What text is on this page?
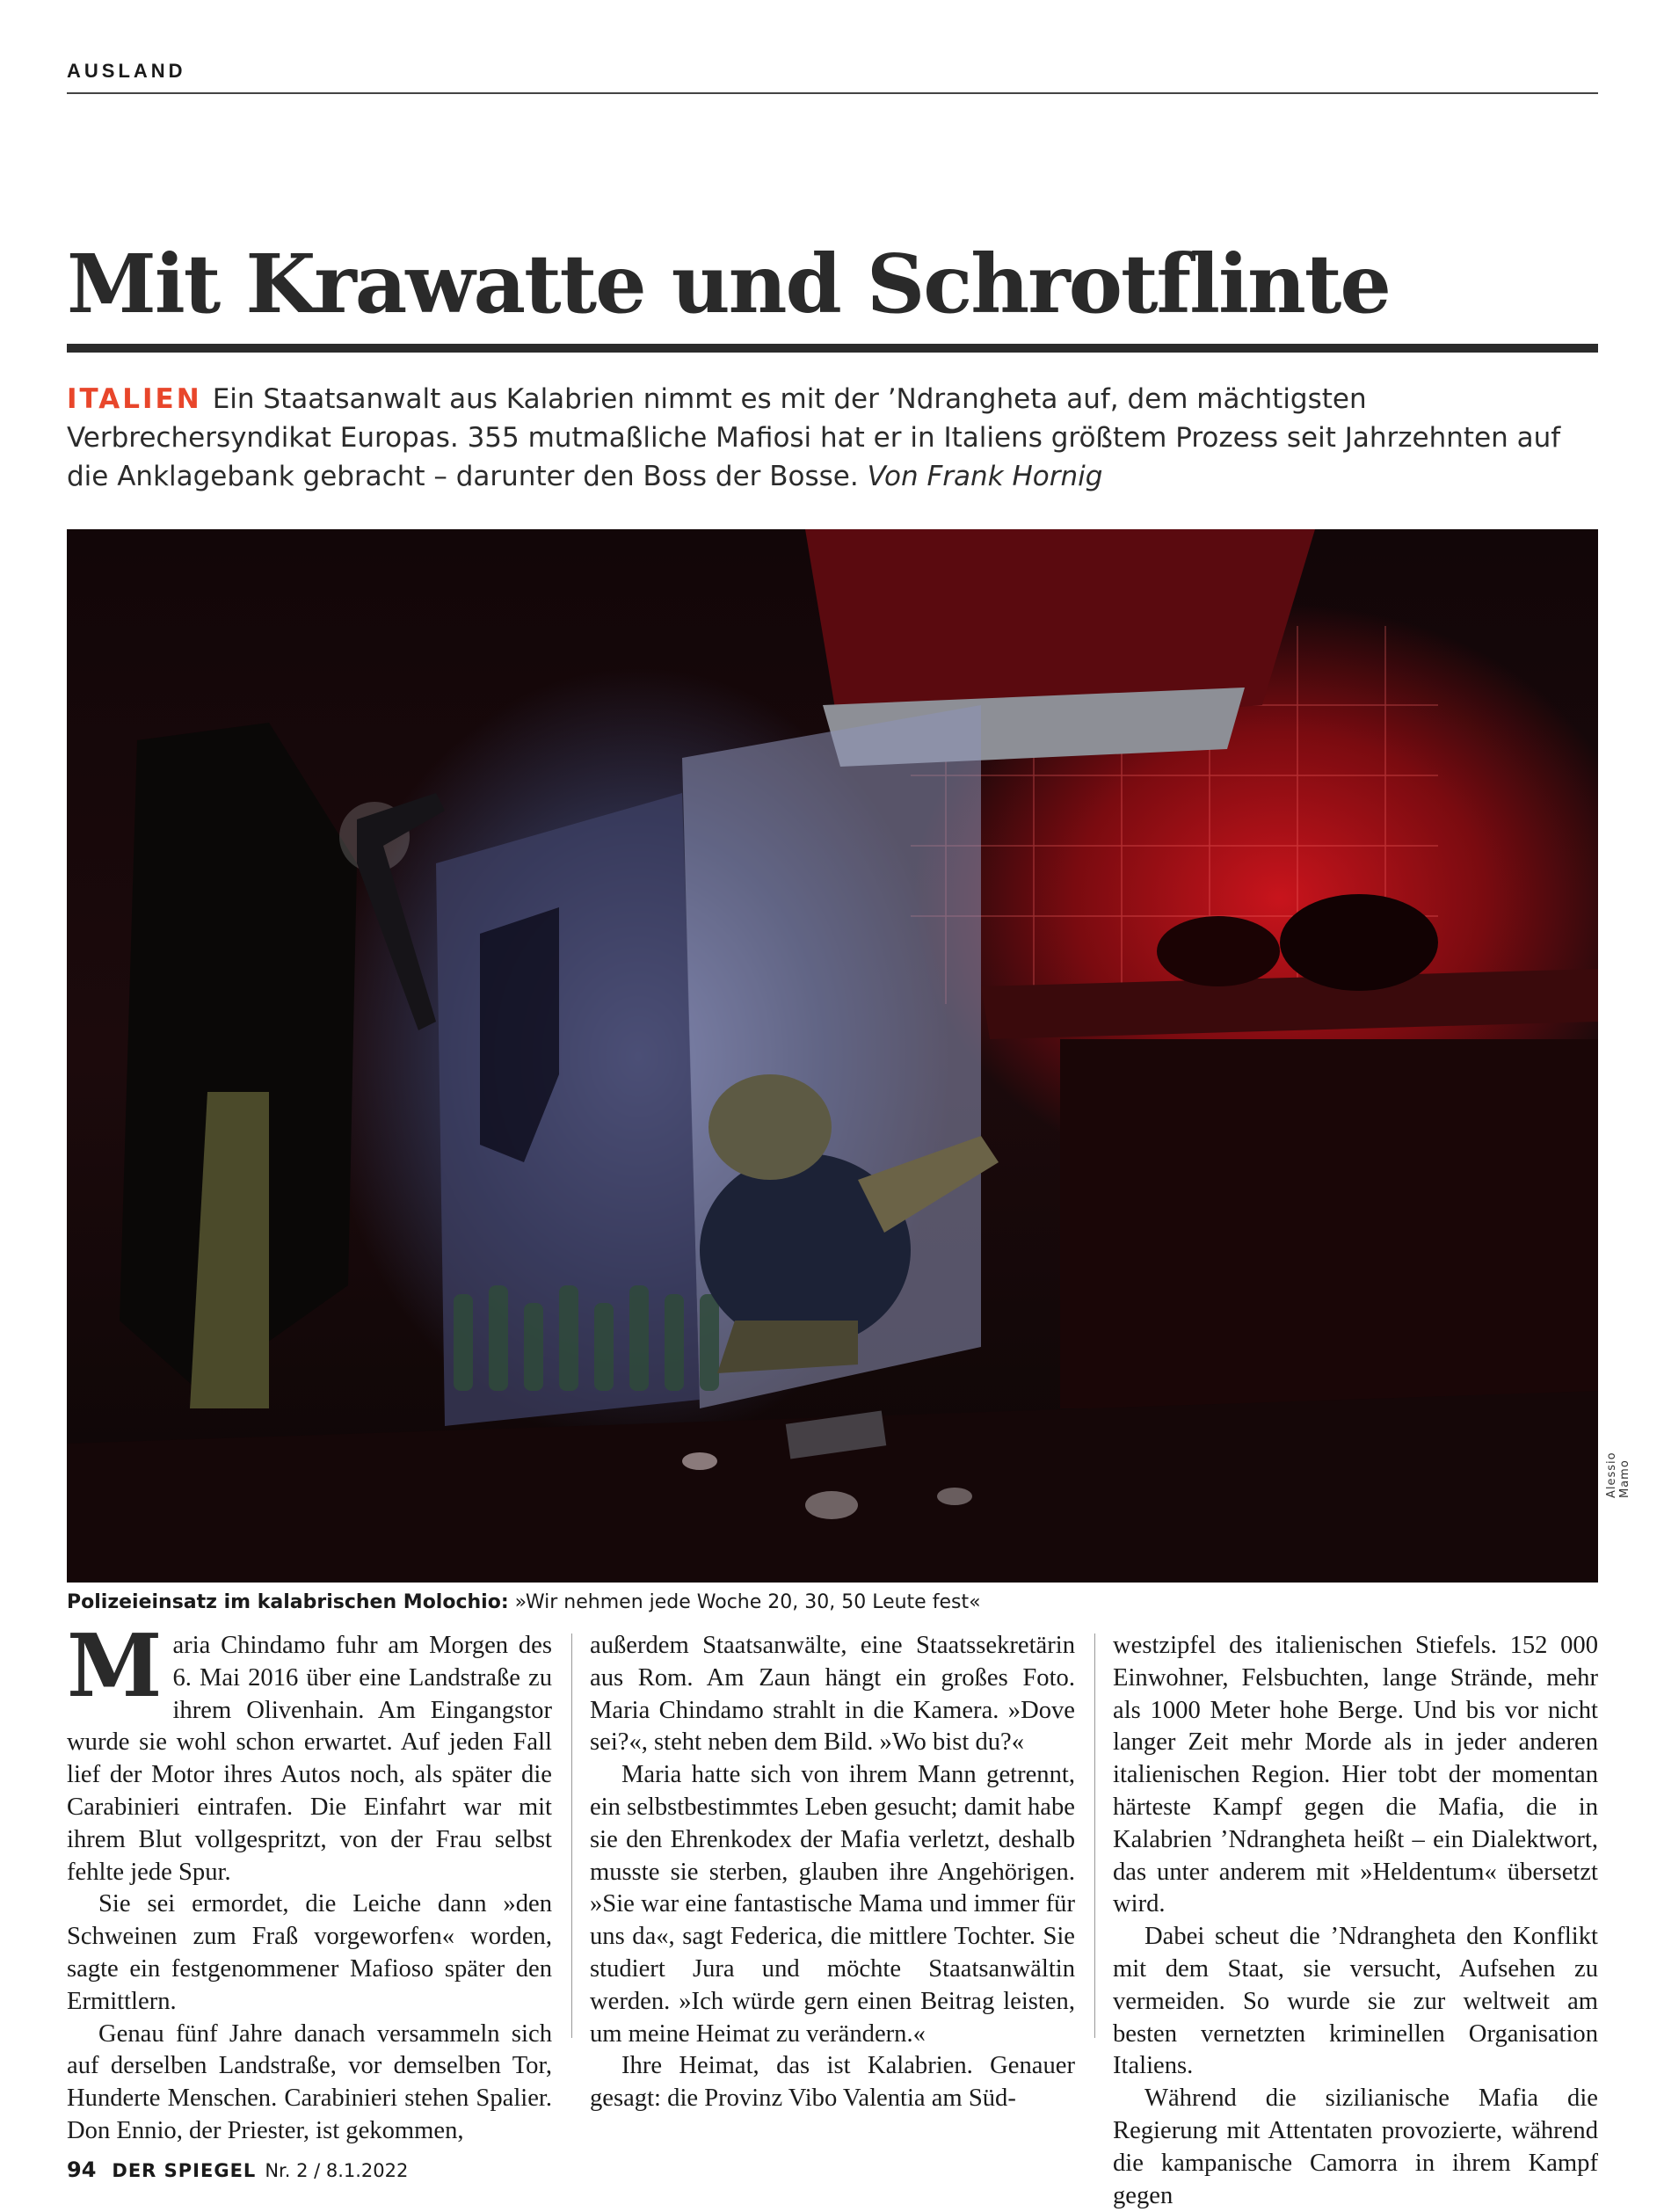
AUSLAND
Mit Krawatte und Schrotflinte
ITALIEN Ein Staatsanwalt aus Kalabrien nimmt es mit der ’Ndrangheta auf, dem mächtigsten Verbrechersyndikat Europas. 355 mutmaßliche Mafiosi hat er in Italiens größtem Prozess seit Jahrzehnten auf die Anklagebank gebracht – darunter den Boss der Bosse. Von Frank Hornig
Alessio Mamo
Polizeieinsatz im kalabrischen Molochio: »Wir nehmen jede Woche 20, 30, 50 Leute fest«

Maria Chindamo fuhr am Morgen des 6. Mai 2016 über eine Landstraße zu ihrem Olivenhain. Am Eingangstor wurde sie wohl schon erwartet. Auf jeden Fall lief der Motor ihres Autos noch, als später die Carabinieri eintrafen. Die Einfahrt war mit ihrem Blut vollgespritzt, von der Frau selbst fehlte jede Spur.

Sie sei ermordet, die Leiche dann »den Schweinen zum Fraß vorgeworfen« worden, sagte ein festgenommener Mafioso später den Ermittlern.

Genau fünf Jahre danach versammeln sich auf derselben Landstraße, vor demselben Tor, Hunderte Menschen. Carabinieri stehen Spalier. Don Ennio, der Priester, ist gekommen,

außerdem Staatsanwälte, eine Staatssekretärin aus Rom. Am Zaun hängt ein großes Foto. Maria Chindamo strahlt in die Kamera. »Dove sei?«, steht neben dem Bild. »Wo bist du?«

Maria hatte sich von ihrem Mann getrennt, ein selbstbestimmtes Leben gesucht; damit habe sie den Ehrenkodex der Mafia verletzt, deshalb musste sie sterben, glauben ihre Angehörigen. »Sie war eine fantastische Mama und immer für uns da«, sagt Federica, die mittlere Tochter. Sie studiert Jura und möchte Staatsanwältin werden. »Ich würde gern einen Beitrag leisten, um meine Heimat zu verändern.«

Ihre Heimat, das ist Kalabrien. Genauer gesagt: die Provinz Vibo Valentia am Süd-

westzipfel des italienischen Stiefels. 152 000 Einwohner, Felsbuchten, lange Strände, mehr als 1000 Meter hohe Berge. Und bis vor nicht langer Zeit mehr Morde als in jeder anderen italienischen Region. Hier tobt der momentan härteste Kampf gegen die Mafia, die in Kalabrien ’Ndrangheta heißt – ein Dialektwort, das unter anderem mit »Heldentum« übersetzt wird.

Dabei scheut die ’Ndrangheta den Konflikt mit dem Staat, sie versucht, Aufsehen zu vermeiden. So wurde sie zur weltweit am besten vernetzten kriminellen Organisation Italiens.

Während die sizilianische Mafia die Regierung mit Attentaten provozierte, während die kampanische Camorra in ihrem Kampf gegen

94 DER SPIEGEL Nr. 2 / 8.1.2022
